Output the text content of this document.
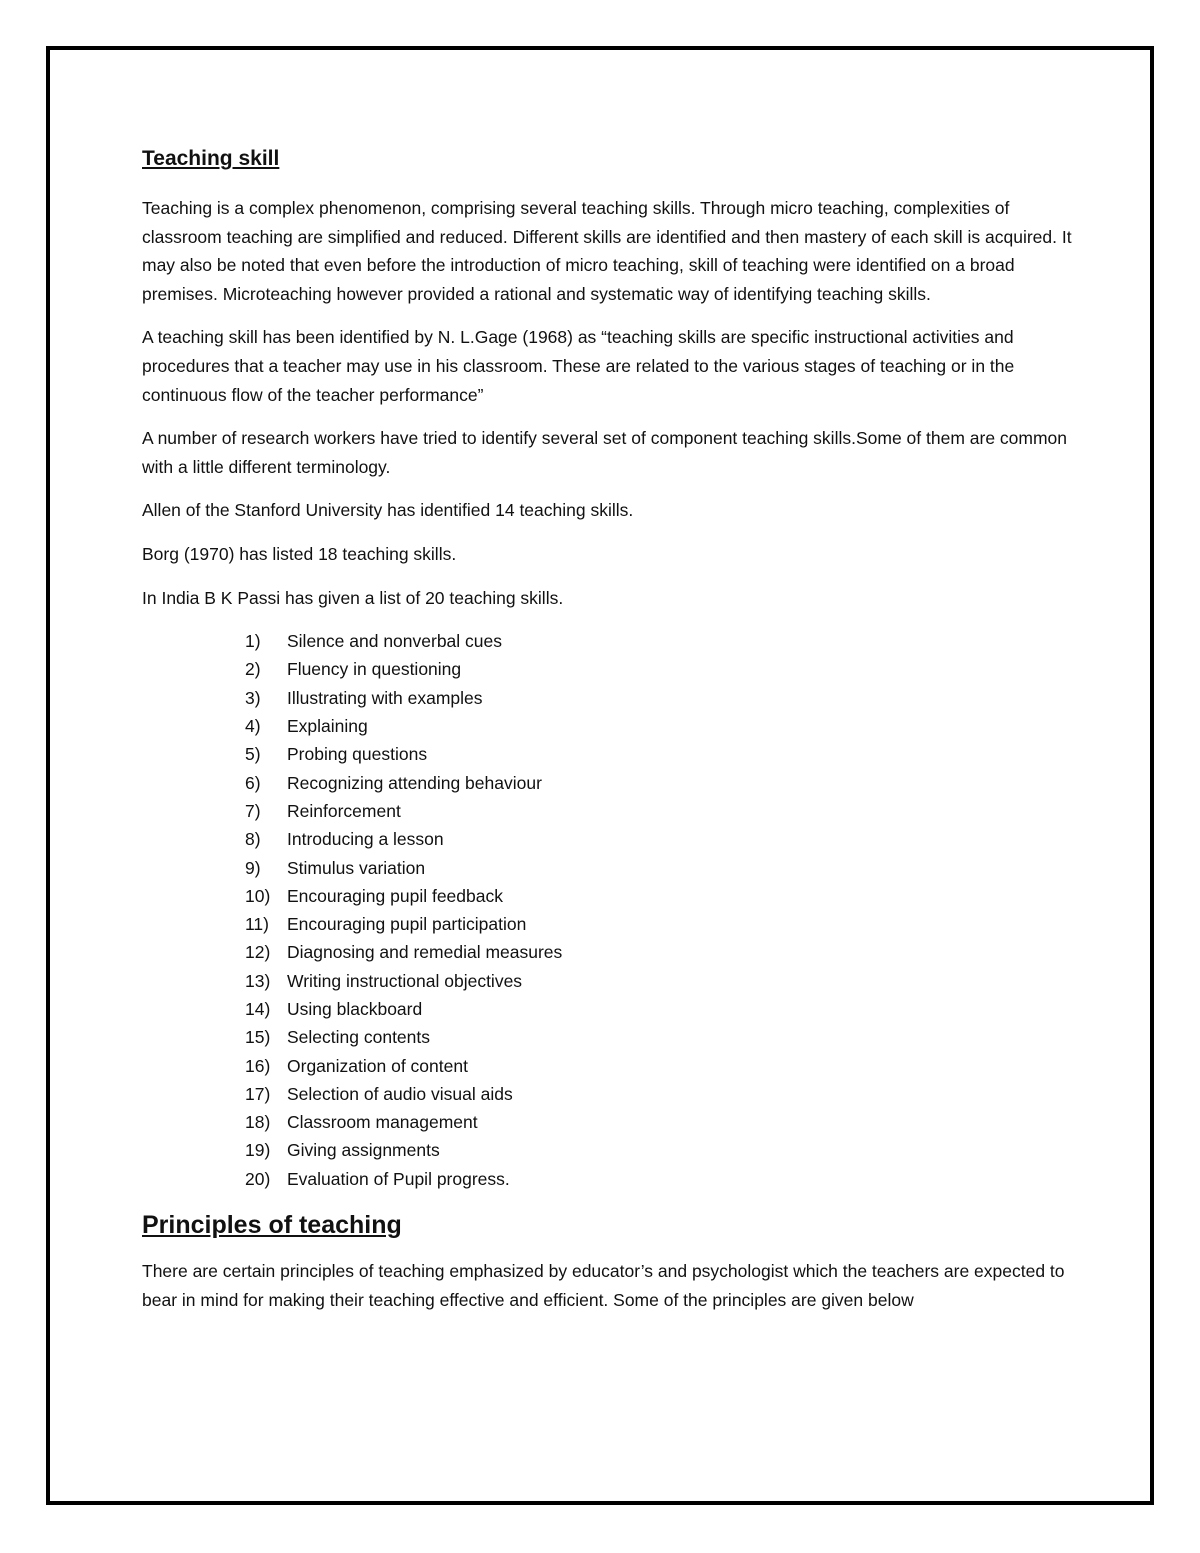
Teaching skill

Teaching is a complex phenomenon, comprising several teaching skills. Through micro teaching, complexities of classroom teaching are simplified and reduced. Different skills are identified and then mastery of each skill is acquired. It may also be noted that even before the introduction of micro teaching, skill of teaching were identified on a broad premises. Microteaching however provided a rational and systematic way of identifying teaching skills.

A teaching skill has been identified by N. L.Gage (1968) as “teaching skills are specific instructional activities and procedures that a teacher may use in his classroom. These are related to the various stages of teaching or in the continuous flow of the teacher performance”

A number of research workers have tried to identify several set of component teaching skills.Some of them are common with a little different terminology.

Allen of the Stanford University has identified 14 teaching skills.

Borg (1970) has listed 18 teaching skills.

In India B K Passi has given a list of 20 teaching skills.

1)	Silence and nonverbal cues
2)	Fluency in questioning
3)	Illustrating with examples
4)	Explaining
5)	Probing questions
6)	Recognizing attending behaviour
7)	Reinforcement
8)	Introducing a lesson
9)	Stimulus variation
10) Encouraging pupil feedback
11)	Encouraging pupil participation
12) Diagnosing and remedial measures
13) Writing instructional objectives
14) Using blackboard
15) Selecting contents
16) Organization of content
17) Selection of audio visual aids
18) Classroom management
19) Giving assignments
20) Evaluation of Pupil progress.
Principles of teaching

There are certain principles of teaching emphasized by educator’s and psychologist which the teachers are expected to bear in mind for making their teaching effective and efficient. Some of the principles are given below
